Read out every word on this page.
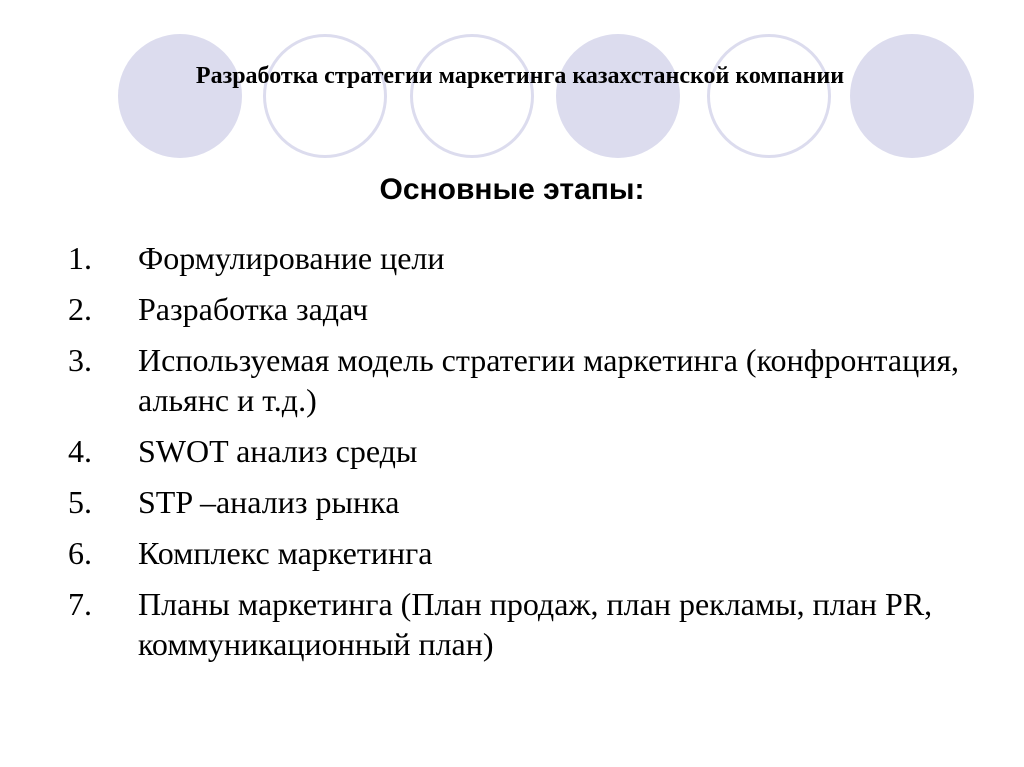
Разработка стратегии маркетинга казахстанской компании
Основные этапы:
1.	Формулирование цели
2.	Разработка задач
3.	Используемая модель стратегии маркетинга (конфронтация, альянс и т.д.)
4.	SWOT анализ среды
5.	STP –анализ рынка
6.	Комплекс маркетинга
7.	Планы маркетинга (План продаж, план рекламы, план PR, коммуникационный план)
